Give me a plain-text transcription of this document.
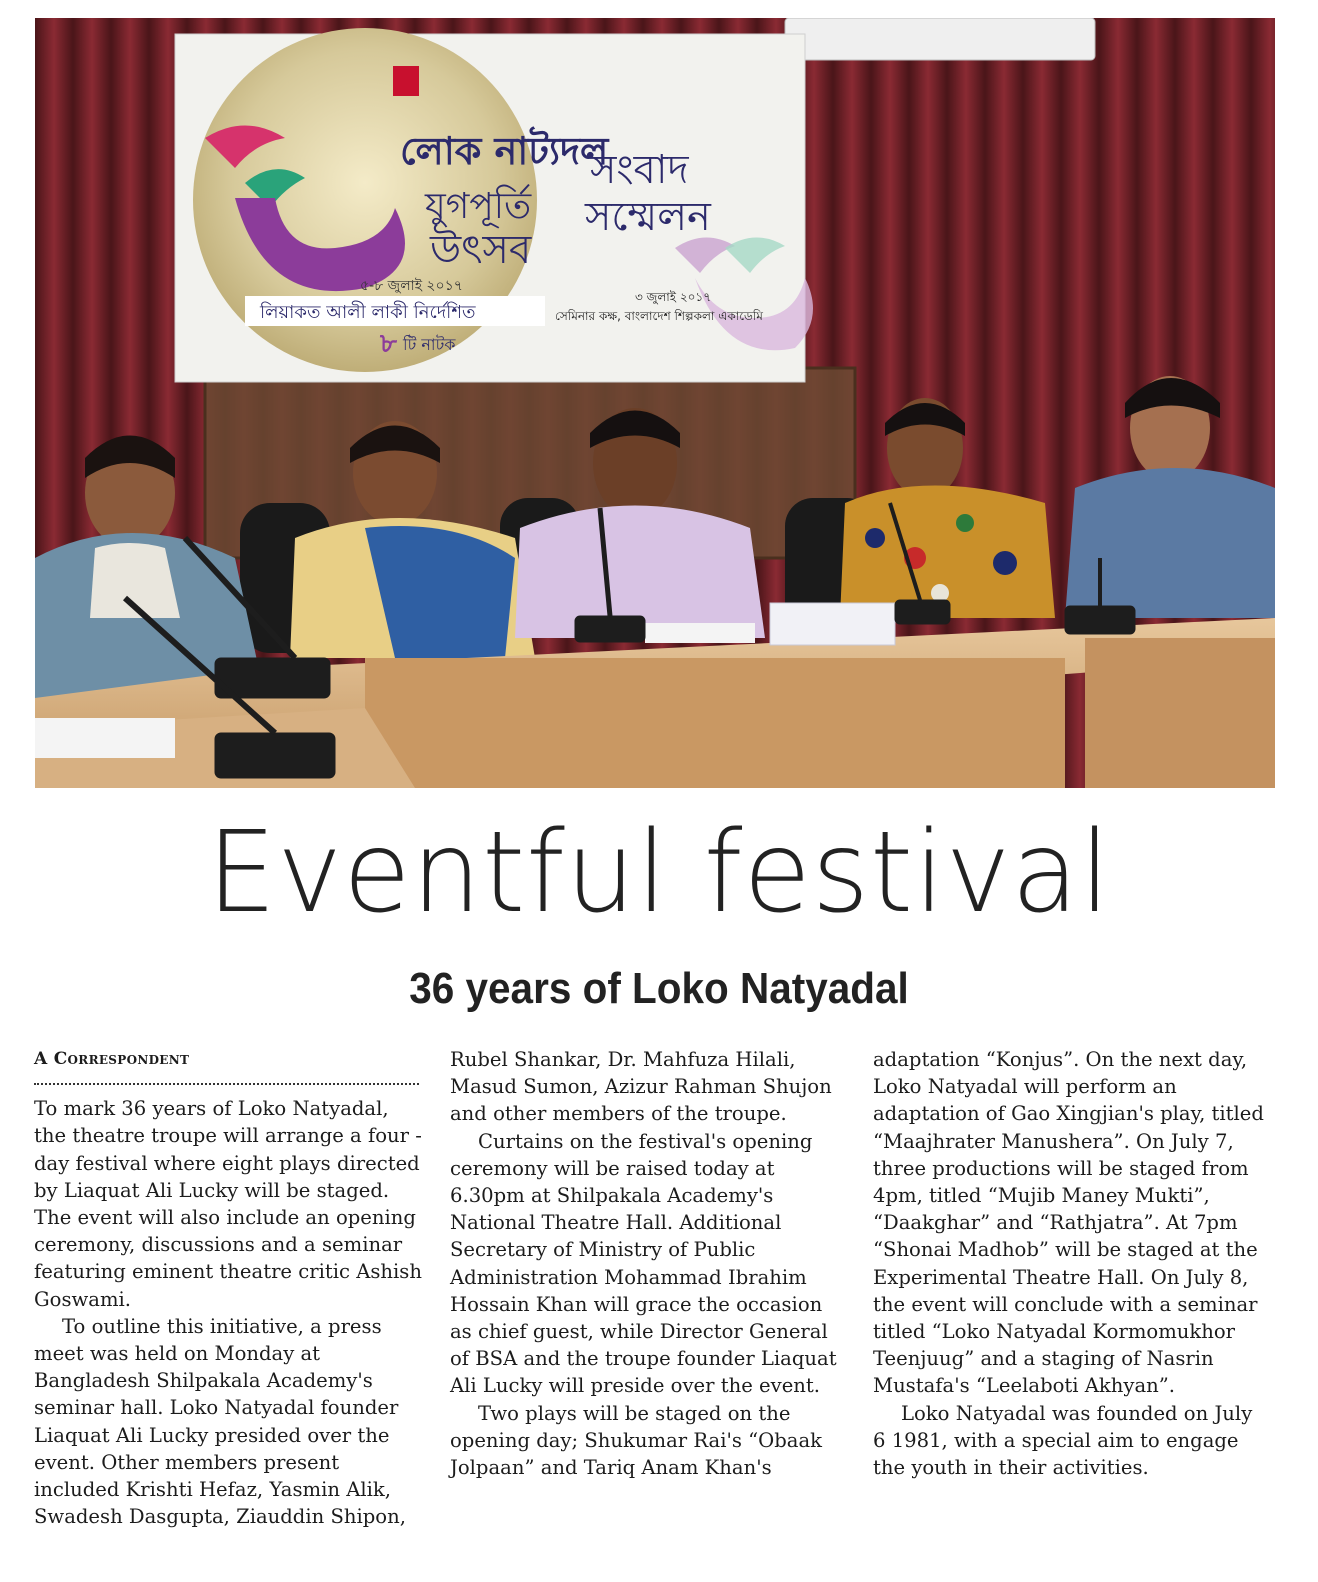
লোক নাট্যদল
যুগপূর্তি
উৎসব
৫-৮ জুলাই ২০১৭
লিয়াকত আলী লাকী নির্দেশিত
৮ টি নাটক
সংবাদ
সম্মেলন
৩ জুলাই ২০১৭
সেমিনার কক্ষ, বাংলাদেশ শিল্পকলা একাডেমি
Eventful festival
36 years of Loko Natyadal
A Correspondent

To mark 36 years of Loko Natyadal, the theatre troupe will arrange a four - day festival where eight plays directed by Liaquat Ali Lucky will be staged. The event will also include an opening ceremony, discussions and a seminar featuring eminent theatre critic Ashish Goswami.

To outline this initiative, a press meet was held on Monday at Bangladesh Shilpakala Academy's seminar hall. Loko Natyadal founder Liaquat Ali Lucky presided over the event. Other members present included Krishti Hefaz, Yasmin Alik, Swadesh Dasgupta, Ziauddin Shipon,

Rubel Shankar, Dr. Mahfuza Hilali, Masud Sumon, Azizur Rahman Shujon and other members of the troupe.

Curtains on the festival's opening ceremony will be raised today at 6.30pm at Shilpakala Academy's National Theatre Hall. Additional Secretary of Ministry of Public Administration Mohammad Ibrahim Hossain Khan will grace the occasion as chief guest, while Director General of BSA and the troupe founder Liaquat Ali Lucky will preside over the event.

Two plays will be staged on the opening day; Shukumar Rai's “Obaak Jolpaan” and Tariq Anam Khan's

adaptation “Konjus”. On the next day, Loko Natyadal will perform an adaptation of Gao Xingjian's play, titled “Maajhrater Manushera”. On July 7, three productions will be staged from 4pm, titled “Mujib Maney Mukti”, “Daakghar” and “Rathjatra”. At 7pm “Shonai Madhob” will be staged at the Experimental Theatre Hall. On July 8, the event will conclude with a seminar titled “Loko Natyadal Kormomukhor Teenjuug” and a staging of Nasrin Mustafa's “Leelaboti Akhyan”.

Loko Natyadal was founded on July 6 1981, with a special aim to engage the youth in their activities.
